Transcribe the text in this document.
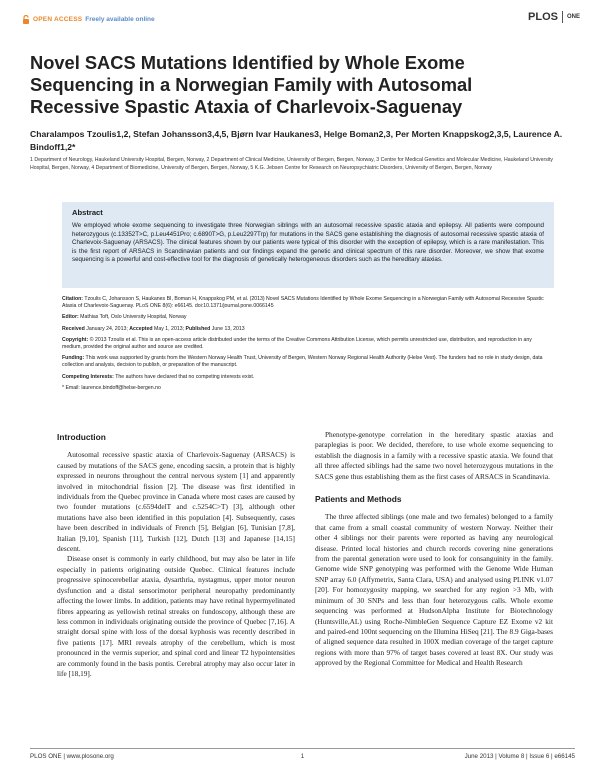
OPEN ACCESS Freely available online	PLOS ONE
Novel SACS Mutations Identified by Whole Exome Sequencing in a Norwegian Family with Autosomal Recessive Spastic Ataxia of Charlevoix-Saguenay
Charalampos Tzoulis1,2, Stefan Johansson3,4,5, Bjørn Ivar Haukanes3, Helge Boman2,3, Per Morten Knappskog2,3,5, Laurence A. Bindoff1,2*
1 Department of Neurology, Haukeland University Hospital, Bergen, Norway, 2 Department of Clinical Medicine, University of Bergen, Bergen, Norway, 3 Centre for Medical Genetics and Molecular Medicine, Haukeland University Hospital, Bergen, Norway, 4 Department of Biomedicine, University of Bergen, Bergen, Norway, 5 K.G. Jebsen Centre for Research on Neuropsychiatric Disorders, University of Bergen, Bergen, Norway
Abstract

We employed whole exome sequencing to investigate three Norwegian siblings with an autosomal recessive spastic ataxia and epilepsy. All patients were compound heterozygous (c.13352T>C, p.Leu4451Pro; c.6890T>G, p.Leu2297Trp) for mutations in the SACS gene establishing the diagnosis of autosomal recessive spastic ataxia of Charlevoix-Saguenay (ARSACS). The clinical features shown by our patients were typical of this disorder with the exception of epilepsy, which is a rare manifestation. This is the first report of ARSACS in Scandinavian patients and our findings expand the genetic and clinical spectrum of this rare disorder. Moreover, we show that exome sequencing is a powerful and cost-effective tool for the diagnosis of genetically heterogeneous disorders such as the hereditary ataxias.

Citation: Tzoulis C, Johansson S, Haukanes BI, Boman H, Knappskog PM, et al. (2013) Novel SACS Mutations Identified by Whole Exome Sequencing in a Norwegian Family with Autosomal Recessive Spastic Ataxia of Charlevoix-Saguenay. PLoS ONE 8(6): e66145. doi:10.1371/journal.pone.0066145
Editor: Mathias Toft, Oslo University Hospital, Norway
Received January 24, 2013; Accepted May 1, 2013; Published June 13, 2013
Copyright: © 2013 Tzoulis et al. This is an open-access article distributed under the terms of the Creative Commons Attribution License, which permits unrestricted use, distribution, and reproduction in any medium, provided the original author and source are credited.
Funding: This work was supported by grants from the Western Norway Health Trust, University of Bergen, Western Norway Regional Health Authority (Helse Vest). The funders had no role in study design, data collection and analysis, decision to publish, or preparation of the manuscript.
Competing Interests: The authors have declared that no competing interests exist.
* Email: laurence.bindoff@helse-bergen.no
Introduction

Autosomal recessive spastic ataxia of Charlevoix-Saguenay (ARSACS) is caused by mutations of the SACS gene, encoding sacsin, a protein that is highly expressed in neurons throughout the central nervous system [1] and apparently involved in mitochondrial fission [2]. The disease was first identified in individuals from the Quebec province in Canada where most cases are caused by two founder mutations (c.6594delT and c.5254C>T) [3], although other mutations have also been identified in this population [4]. Subsequently, cases have been described in individuals of French [5], Belgian [6], Tunisian [7,8], Italian [9,10], Spanish [11], Turkish [12], Dutch [13] and Japanese [14,15] descent.

Disease onset is commonly in early childhood, but may also be later in life especially in patients originating outside Quebec. Clinical features include progressive spinocerebellar ataxia, dysarthria, nystagmus, upper motor neuron dysfunction and a distal sensorimotor peripheral neuropathy predominantly affecting the lower limbs. In addition, patients may have retinal hypermyelinated fibres appearing as yellowish retinal streaks on fundoscopy, although these are less common in individuals originating outside the province of Quebec [7,16]. A straight dorsal spine with loss of the dorsal kyphosis was recently described in five patients [17]. MRI reveals atrophy of the cerebellum, which is most pronounced in the vermis superior, and spinal cord and linear T2 hypointensities are commonly found in the basis pontis. Cerebral atrophy may also occur later in life [18,19].

Phenotype-genotype correlation in the hereditary spastic ataxias and paraplegias is poor. We decided, therefore, to use whole exome sequencing to establish the diagnosis in a family with a recessive spastic ataxia. We found that all three affected siblings had the same two novel heterozygous mutations in the SACS gene thus establishing them as the first cases of ARSACS in Scandinavia.

Patients and Methods

The three affected siblings (one male and two females) belonged to a family that came from a small coastal community of western Norway. Neither their other 4 siblings nor their parents were reported as having any neurological disease. Printed local histories and church records covering nine generations from the parental generation were used to look for consanguinity in the family. Genome wide SNP genotyping was performed with the Genome Wide Human SNP array 6.0 (Affymetrix, Santa Clara, USA) and analysed using PLINK v1.07 [20]. For homozygosity mapping, we searched for any region >3 Mb, with minimum of 30 SNPs and less than four heterozygous calls. Whole exome sequencing was performed at HudsonAlpha Institute for Biotechnology (Huntsville,AL) using Roche-NimbleGen Sequence Capture EZ Exome v2 kit and paired-end 100nt sequencing on the Illumina HiSeq [21]. The 8.9 Giga-bases of aligned sequence data resulted in 100X median coverage of the target capture regions with more than 97% of target bases covered at least 8X. Our study was approved by the Regional Committee for Medical and Health Research

PLOS ONE | www.plosone.org	1	June 2013 | Volume 8 | Issue 6 | e66145
